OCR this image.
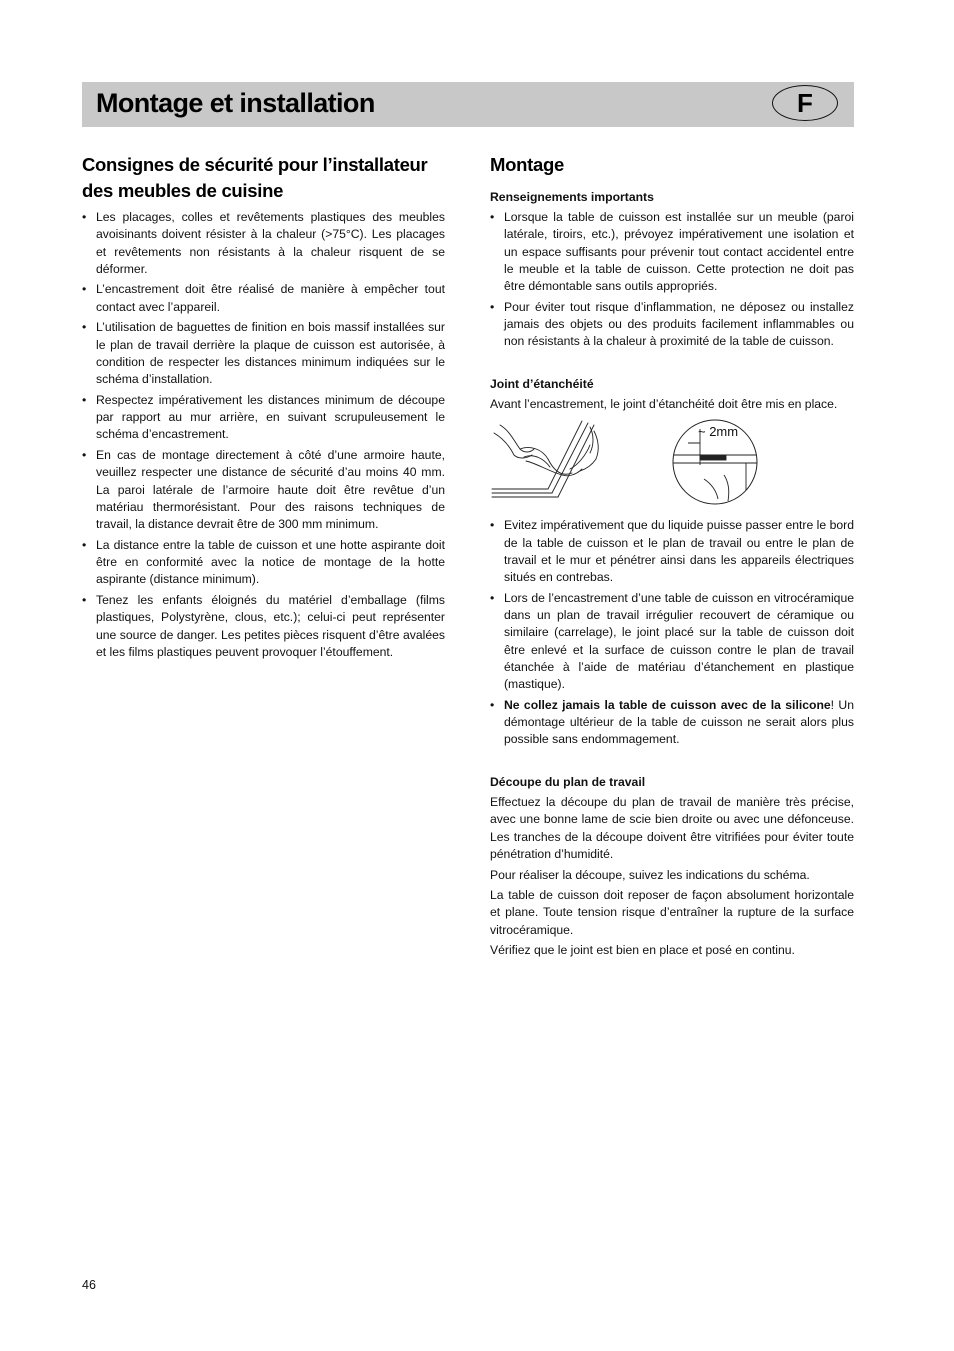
Montage et installation	F
Consignes de sécurité pour l’installateur des meubles de cuisine
• Les placages, colles et revêtements plastiques des meubles avoisinants doivent résister à la chaleur (>75°C). Les placages et revêtements non résistants à la chaleur risquent de se déformer.
• L’encastrement doit être réalisé de manière à empêcher tout contact avec l’appareil.
• L’utilisation de baguettes de finition en bois massif installées sur le plan de travail derrière la plaque de cuisson est autorisée, à condition de respecter les distances minimum indiquées sur le schéma d’installation.
• Respectez impérativement les distances minimum de découpe par rapport au mur arrière, en suivant scrupuleusement le schéma d’encastrement.
• En cas de montage directement à côté d’une armoire haute, veuillez respecter une distance de sécurité d’au moins 40 mm. La paroi latérale de l’armoire haute doit être revêtue d’un matériau thermorésistant. Pour des raisons techniques de travail, la distance devrait être de 300 mm minimum.
• La distance entre la table de cuisson et une hotte aspirante doit être en conformité avec la notice de montage de la hotte aspirante (distance minimum).
• Tenez les enfants éloignés du matériel d’emballage (films plastiques, Polystyrène, clous, etc.); celui-ci peut représenter une source de danger. Les petites pièces risquent d’être avalées et les films plastiques peuvent provoquer l’étouffement.
Montage
Renseignements importants
• Lorsque la table de cuisson est installée sur un meuble (paroi latérale, tiroirs, etc.), prévoyez impérativement une isolation et un espace suffisants pour prévenir tout contact accidentel entre le meuble et la table de cuisson. Cette protection ne doit pas être démontable sans outils appropriés.
• Pour éviter tout risque d’inflammation, ne déposez ou installez jamais des objets ou des produits facilement inflammables ou non résistants à la chaleur à proximité de la table de cuisson.
Joint d’étanchéité

Avant l’encastrement, le joint d’étanchéité doit être mis en place.

~ 2mm
• Evitez impérativement que du liquide puisse passer entre le bord de la table de cuisson et le plan de travail ou entre le plan de travail et le mur et pénétrer ainsi dans les appareils électriques situés en contrebas.
• Lors de l’encastrement d’une table de cuisson en vitrocéramique dans un plan de travail irrégulier recouvert de céramique ou similaire (carrelage), le joint placé sur la table de cuisson doit être enlevé et la surface de cuisson contre le plan de travail étanchée à l’aide de matériau d’étanchement en plastique (mastique).
• Ne collez jamais la table de cuisson avec de la silicone! Un démontage ultérieur de la table de cuisson ne serait alors plus possible sans endommagement.
Découpe du plan de travail

Effectuez la découpe du plan de travail de manière très précise, avec une bonne lame de scie bien droite ou avec une défonceuse. Les tranches de la découpe doivent être vitrifiées pour éviter toute pénétration d’humidité.

Pour réaliser la découpe, suivez les indications du schéma.

La table de cuisson doit reposer de façon absolument horizontale et plane. Toute tension risque d’entraîner la rupture de la surface vitrocéramique.

Vérifiez que le joint est bien en place et posé en continu.

46
